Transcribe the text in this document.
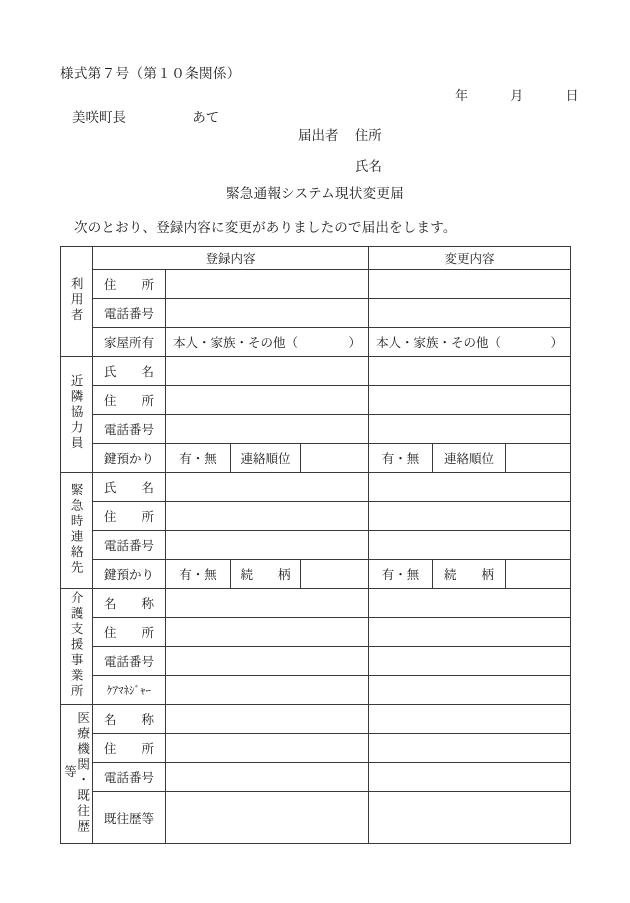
様式第７号（第１０条関係）
年	月	日
美咲町長	あて
届出者 住所
氏名
緊急通報システム現状変更届
次のとおり、登録内容に変更がありましたので届出をします。
利用者	登録内容				変更内容		
	住　　所						
	電話番号						
	家屋所有	本人・家族・その他（ ）			本人・家族・その他（ ）		

近隣協力員	氏　　名						
	住　　所						
	電話番号						
	鍵預かり	有・無	連絡順位		有・無	連絡順位	
緊急時連絡先	氏　　名						
	住　　所						
	電話番号						
	鍵預かり	有・無	続　　柄		有・無	続　　柄	
介護支援事業所	名　　称						
	住　　所						
	電話番号						
	ｹｱﾏﾈｼﾞｬｰ						
医療機関・既往歴等	名　　称						
	住　　所						
	電話番号						
	既往歴等						
